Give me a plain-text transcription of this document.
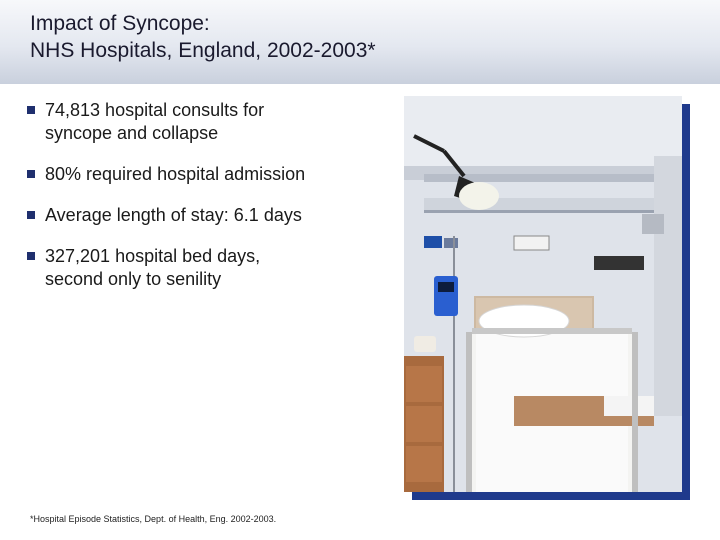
Impact of Syncope:
NHS Hospitals, England, 2002-2003*
74,813 hospital consults for
syncope and collapse
80% required hospital admission
Average length of stay: 6.1 days
327,201 hospital bed days,
second only to senility
*Hospital Episode Statistics, Dept. of Health, Eng. 2002-2003.
